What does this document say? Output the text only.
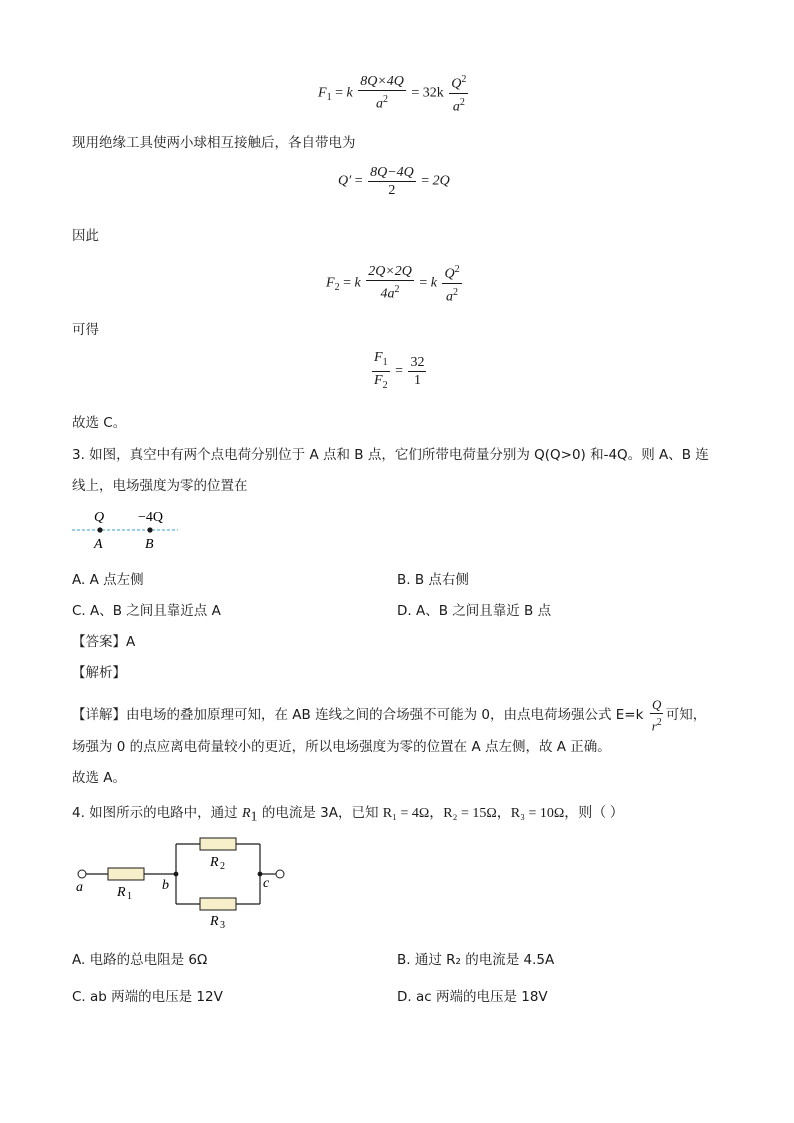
$F_1 = k \frac{8Q\times 4Q}{a^2} = 32k \frac{Q^2}{a^2}$
现用绝缘工具使两小球相互接触后，各自带电为
$Q' = \frac{8Q-4Q}{2} = 2Q$
因此
$F_2 = k \frac{2Q\times 2Q}{4a^2} = k \frac{Q^2}{a^2}$
可得
$\frac{F_1}{F_2} = \frac{32}{1}$
故选 C。
3. 如图，真空中有两个点电荷分别位于 A 点和 B 点，它们所带电荷量分别为 Q(Q>0) 和-4Q。则 A、B 连
线上，电场强度为零的位置在
Q −4Q
A	B
A. A 点左侧	B. B 点右侧
C. A、B 之间且靠近点 A	D. A、B 之间且靠近 B 点
【答案】A
【解析】
【详解】由电场的叠加原理可知，在 AB 连线之间的合场强不可能为 0，由点电荷场强公式 $E=k \frac{Q}{r^2}$ 可知，
场强为 0 的点应离电荷量较小的更近，所以电场强度为零的位置在 A 点左侧，故 A 正确。
故选 A。
4. 如图所示的电路中，通过 $R_1$ 的电流是 3A，已知 R₁ = 4Ω，R₂ = 15Ω，R₃ = 10Ω，则（ ）
a	b	c
R 1
R 2
R 3
A. 电路的总电阻是 6Ω	B. 通过 R₂ 的电流是 4.5A
C. ab 两端的电压是 12V	D. ac 两端的电压是 18V
